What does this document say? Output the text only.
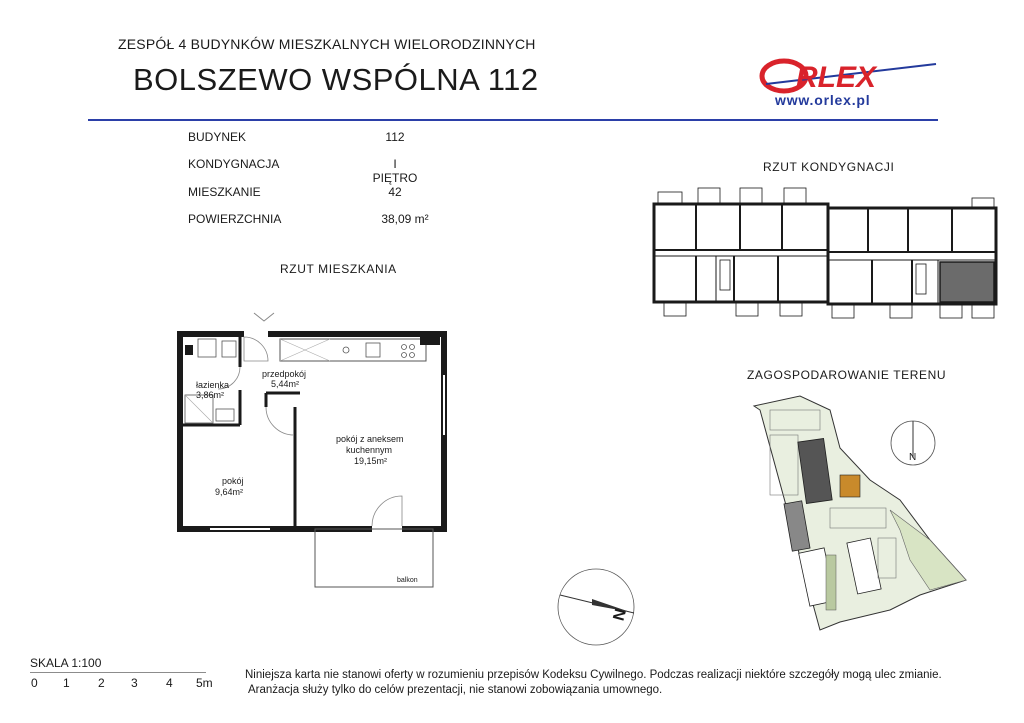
ZESPÓŁ 4 BUDYNKÓW MIESZKALNYCH WIELORODZINNYCH
BOLSZEWO WSPÓLNA 112	RLEX
www.orlex.pl
BUDYNEK	112
KONDYGNACJA	I PIĘTRO
MIESZKANIE	42
POWIERZCHNIA	38,09 m²
RZUT MIESZKANIA
RZUT KONDYGNACJI
ZAGOSPODAROWANIE TERENU
przedpokój
5,44m²
łazienka
3,86m²
pokój z aneksem
kuchennym
19,15m²
pokój
9,64m²
balkon
N
N
SKALA 1:100
0 1 2 3 4 5m
Niniejsza karta nie stanowi oferty w rozumieniu przepisów Kodeksu Cywilnego. Podczas realizacji niektóre szczegóły mogą ulec zmianie.
Aranżacja służy tylko do celów prezentacji, nie stanowi zobowiązania umownego.
